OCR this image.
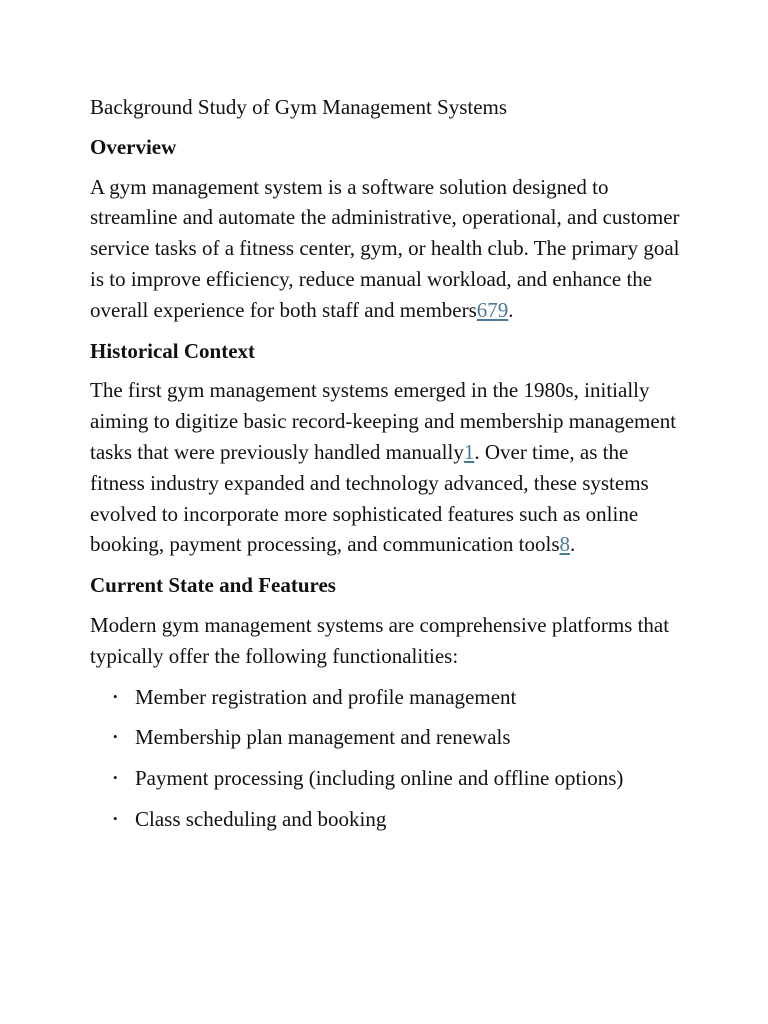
Background Study of Gym Management Systems
Overview

A gym management system is a software solution designed to streamline and automate the administrative, operational, and customer service tasks of a fitness center, gym, or health club. The primary goal is to improve efficiency, reduce manual workload, and enhance the overall experience for both staff and members679.

Historical Context

The first gym management systems emerged in the 1980s, initially aiming to digitize basic record-keeping and membership management tasks that were previously handled manually1. Over time, as the fitness industry expanded and technology advanced, these systems evolved to incorporate more sophisticated features such as online booking, payment processing, and communication tools8.

Current State and Features

Modern gym management systems are comprehensive platforms that typically offer the following functionalities:

• Member registration and profile management
• Membership plan management and renewals
• Payment processing (including online and offline options)
• Class scheduling and booking
